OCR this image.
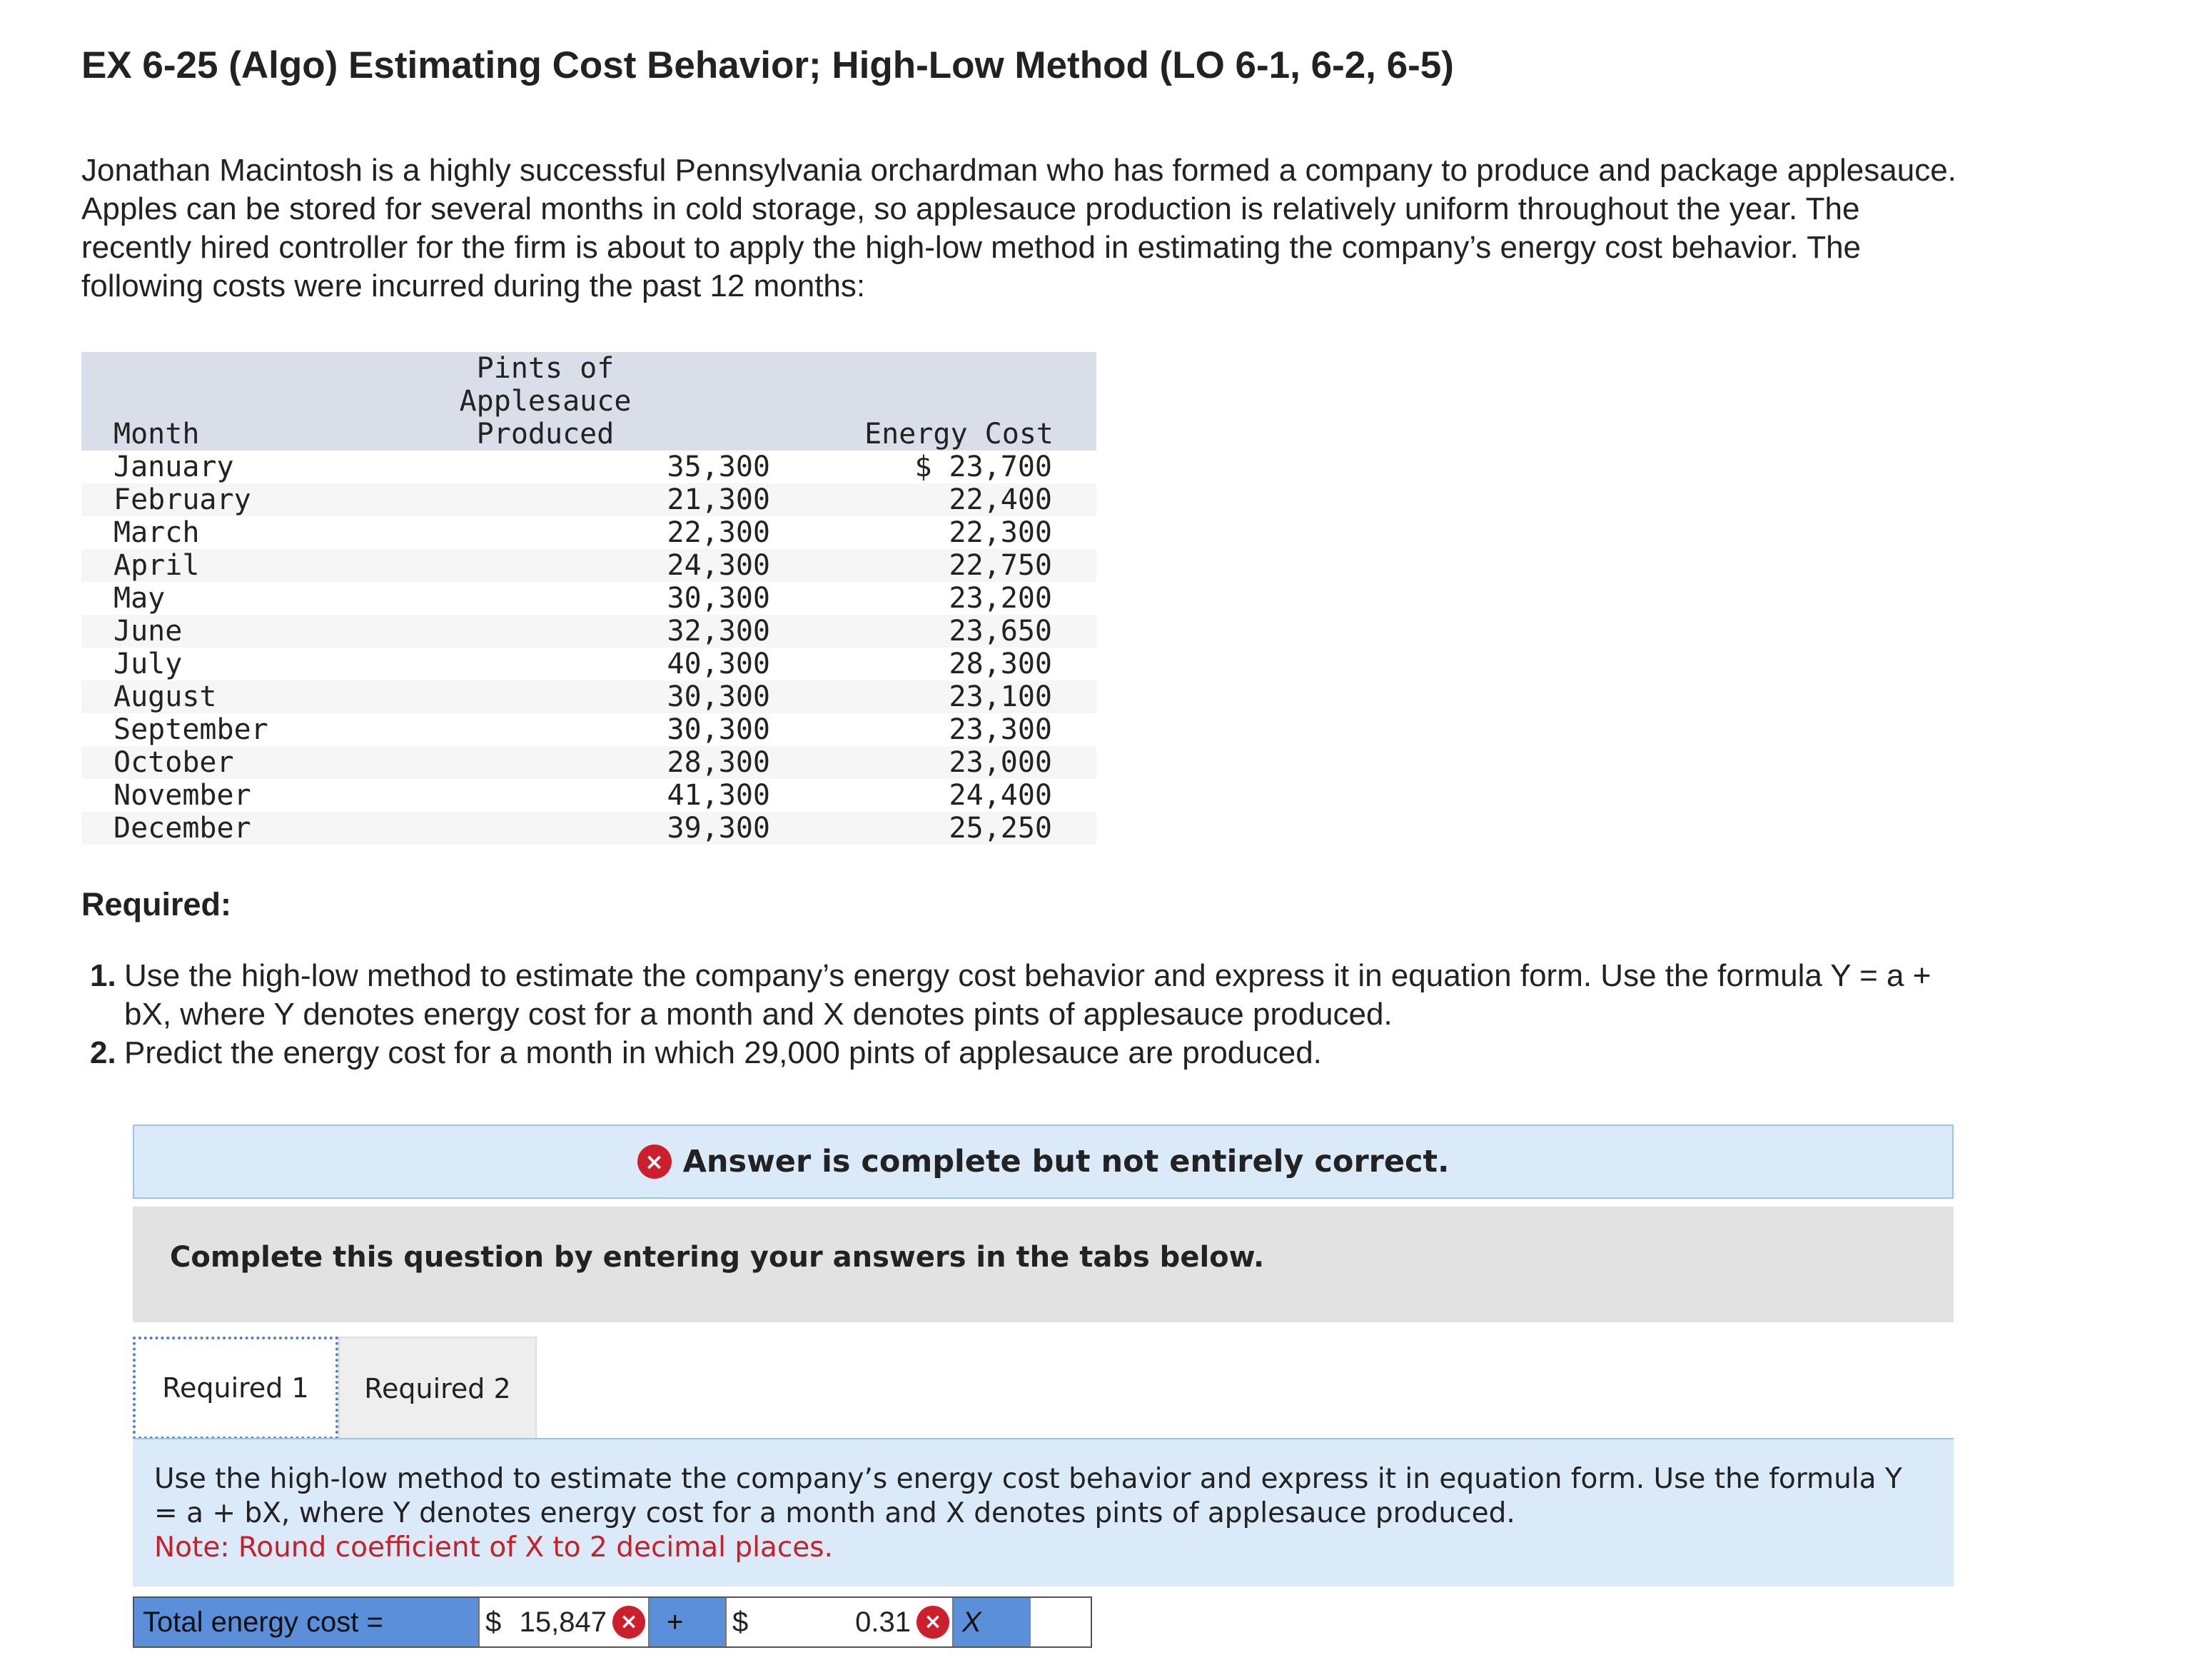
EX 6-25 (Algo) Estimating Cost Behavior; High-Low Method (LO 6-1, 6-2, 6-5)
Jonathan Macintosh is a highly successful Pennsylvania orchardman who has formed a company to produce and package applesauce.
Apples can be stored for several months in cold storage, so applesauce production is relatively uniform throughout the year. The
recently hired controller for the firm is about to apply the high-low method in estimating the company’s energy cost behavior. The
following costs were incurred during the past 12 months:
Month
Pints of
Applesauce
Produced	Energy Cost
January	35,300	$ 23,700
February	21,300	22,400
March	22,300	22,300
April	24,300	22,750
May	30,300	23,200
June	32,300	23,650
July	40,300	28,300
August	30,300	23,100
September	30,300	23,300
October	28,300	23,000
November	41,300	24,400
December	39,300	25,250
Required:
1. Use the high-low method to estimate the company’s energy cost behavior and express it in equation form. Use the formula Y = a +
bX, where Y denotes energy cost for a month and X denotes pints of applesauce produced.
2. Predict the energy cost for a month in which 29,000 pints of applesauce are produced.
× Answer is complete but not entirely correct.
Complete this question by entering your answers in the tabs below.
Required 1 Required 2
Use the high-low method to estimate the company’s energy cost behavior and express it in equation form. Use the formula Y
= a + bX, where Y denotes energy cost for a month and X denotes pints of applesauce produced.
Note: Round coefficient of X to 2 decimal places.
Total energy cost =	$ 15,847 ×	+	$	0.31 × X
